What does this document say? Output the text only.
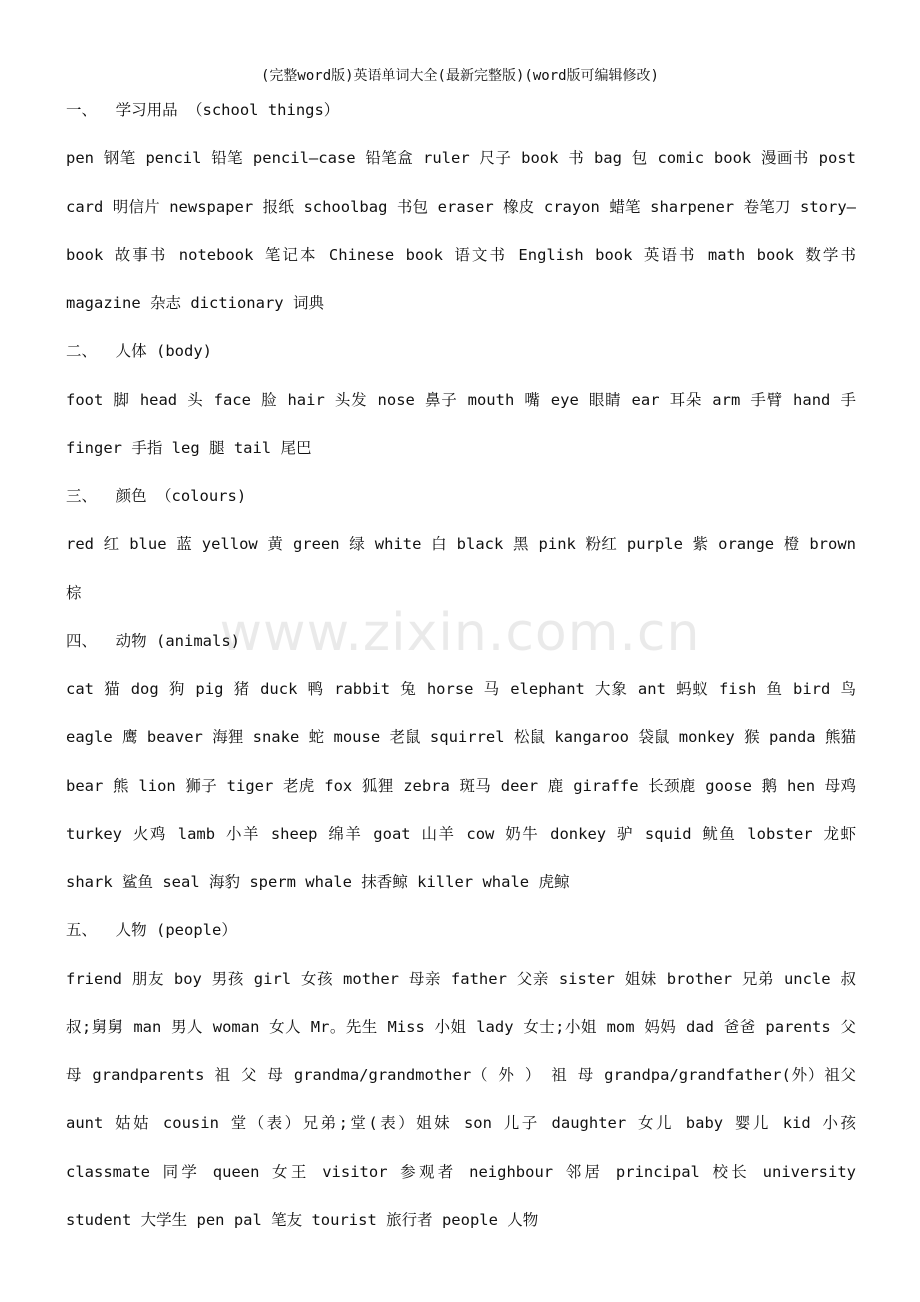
(完整word版)英语单词大全(最新完整版)(word版可编辑修改)
www.zixin.com.cn

一、  学习用品 （school things）

pen 钢笔 pencil 铅笔 pencil—case 铅笔盒 ruler 尺子 book 书 bag 包 comic book 漫画书 post card 明信片 newspaper 报纸 schoolbag 书包 eraser 橡皮 crayon 蜡笔 sharpener 卷笔刀 story—book 故事书 notebook 笔记本 Chinese book 语文书 English book 英语书 math book 数学书 magazine 杂志 dictionary 词典

二、  人体 (body)

foot 脚 head 头 face 脸 hair 头发 nose 鼻子 mouth 嘴 eye 眼睛 ear 耳朵 arm 手臂 hand 手 finger 手指 leg 腿 tail 尾巴

三、  颜色 （colours)

red 红 blue 蓝 yellow 黄 green 绿 white 白 black 黑 pink 粉红 purple 紫 orange 橙 brown 棕

四、  动物 (animals)

cat 猫 dog 狗 pig 猪 duck 鸭 rabbit 兔 horse 马 elephant 大象 ant 蚂蚁 fish 鱼 bird 鸟 eagle 鹰 beaver 海狸 snake 蛇 mouse 老鼠 squirrel 松鼠 kangaroo 袋鼠 monkey 猴 panda 熊猫 bear 熊 lion 狮子 tiger 老虎 fox 狐狸 zebra 斑马 deer 鹿 giraffe 长颈鹿 goose 鹅 hen 母鸡 turkey 火鸡 lamb 小羊 sheep 绵羊 goat 山羊 cow 奶牛 donkey 驴 squid 鱿鱼 lobster 龙虾 shark 鲨鱼 seal 海豹 sperm whale 抹香鲸 killer whale 虎鲸

五、  人物 (people）

friend 朋友 boy 男孩 girl 女孩 mother 母亲 father 父亲 sister 姐妹 brother 兄弟 uncle 叔叔;舅舅 man 男人 woman 女人 Mr。先生 Miss 小姐 lady 女士;小姐 mom 妈妈 dad 爸爸 parents 父 母 grandparents 祖 父 母 grandma/grandmother（ 外 ） 祖 母 grandpa/grandfather(外）祖父 aunt 姑姑 cousin 堂（表）兄弟;堂(表）姐妹 son 儿子 daughter 女儿 baby 婴儿 kid 小孩 classmate 同学 queen 女王 visitor 参观者 neighbour 邻居 principal 校长 university student 大学生 pen pal 笔友 tourist 旅行者 people 人物
